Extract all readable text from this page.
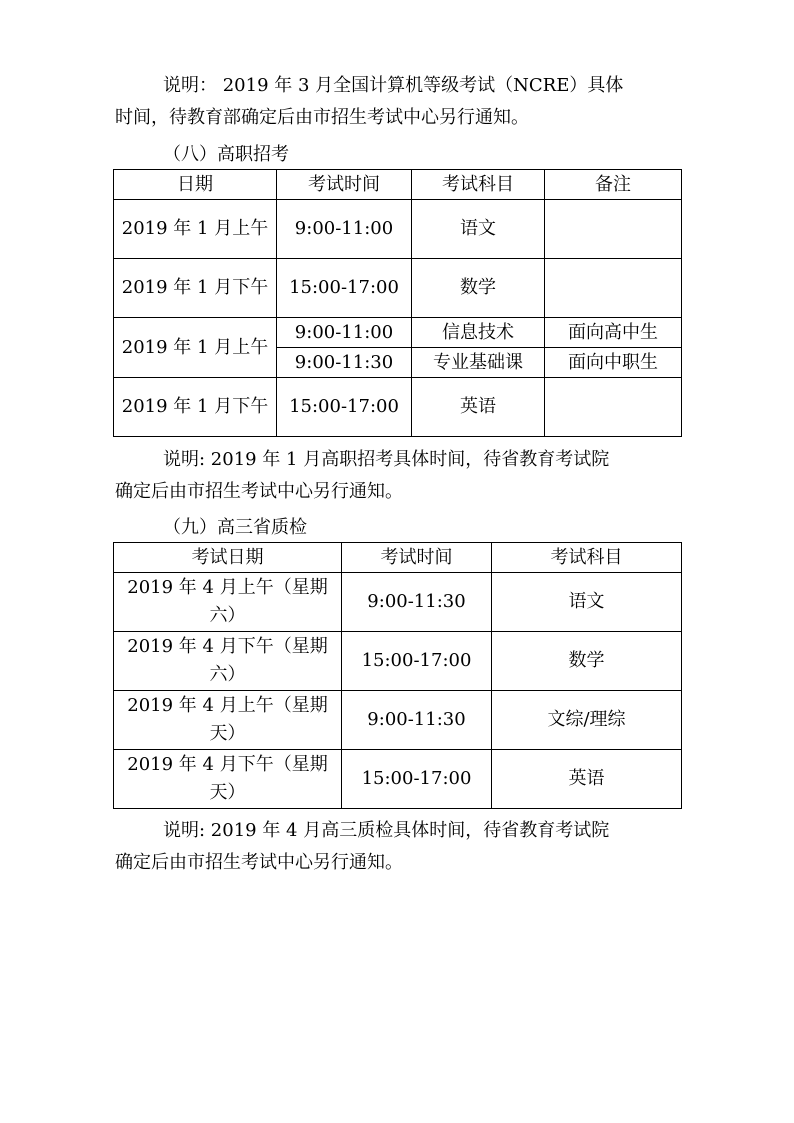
说明： 2019 年 3 月全国计算机等级考试（NCRE）具体
时间，待教育部确定后由市招生考试中心另行通知。
（八）高职招考
日期	考试时间	考试科目	备注
2019 年 1 月上午	9:00-11:00	语文	
2019 年 1 月下午	15:00-17:00	数学	
2019 年 1 月上午	9:00-11:00	信息技术	面向高中生
	9:00-11:30	专业基础课	面向中职生
2019 年 1 月下午	15:00-17:00	英语	
说明: 2019 年 1 月高职招考具体时间，待省教育考试院
确定后由市招生考试中心另行通知。
（九）高三省质检
考试日期	考试时间	考试科目
2019 年 4 月上午（星期六）	9:00-11:30	语文
2019 年 4 月下午（星期六）	15:00-17:00	数学
2019 年 4 月上午（星期天）	9:00-11:30	文综/理综
2019 年 4 月下午（星期天）	15:00-17:00	英语
说明: 2019 年 4 月高三质检具体时间，待省教育考试院
确定后由市招生考试中心另行通知。
